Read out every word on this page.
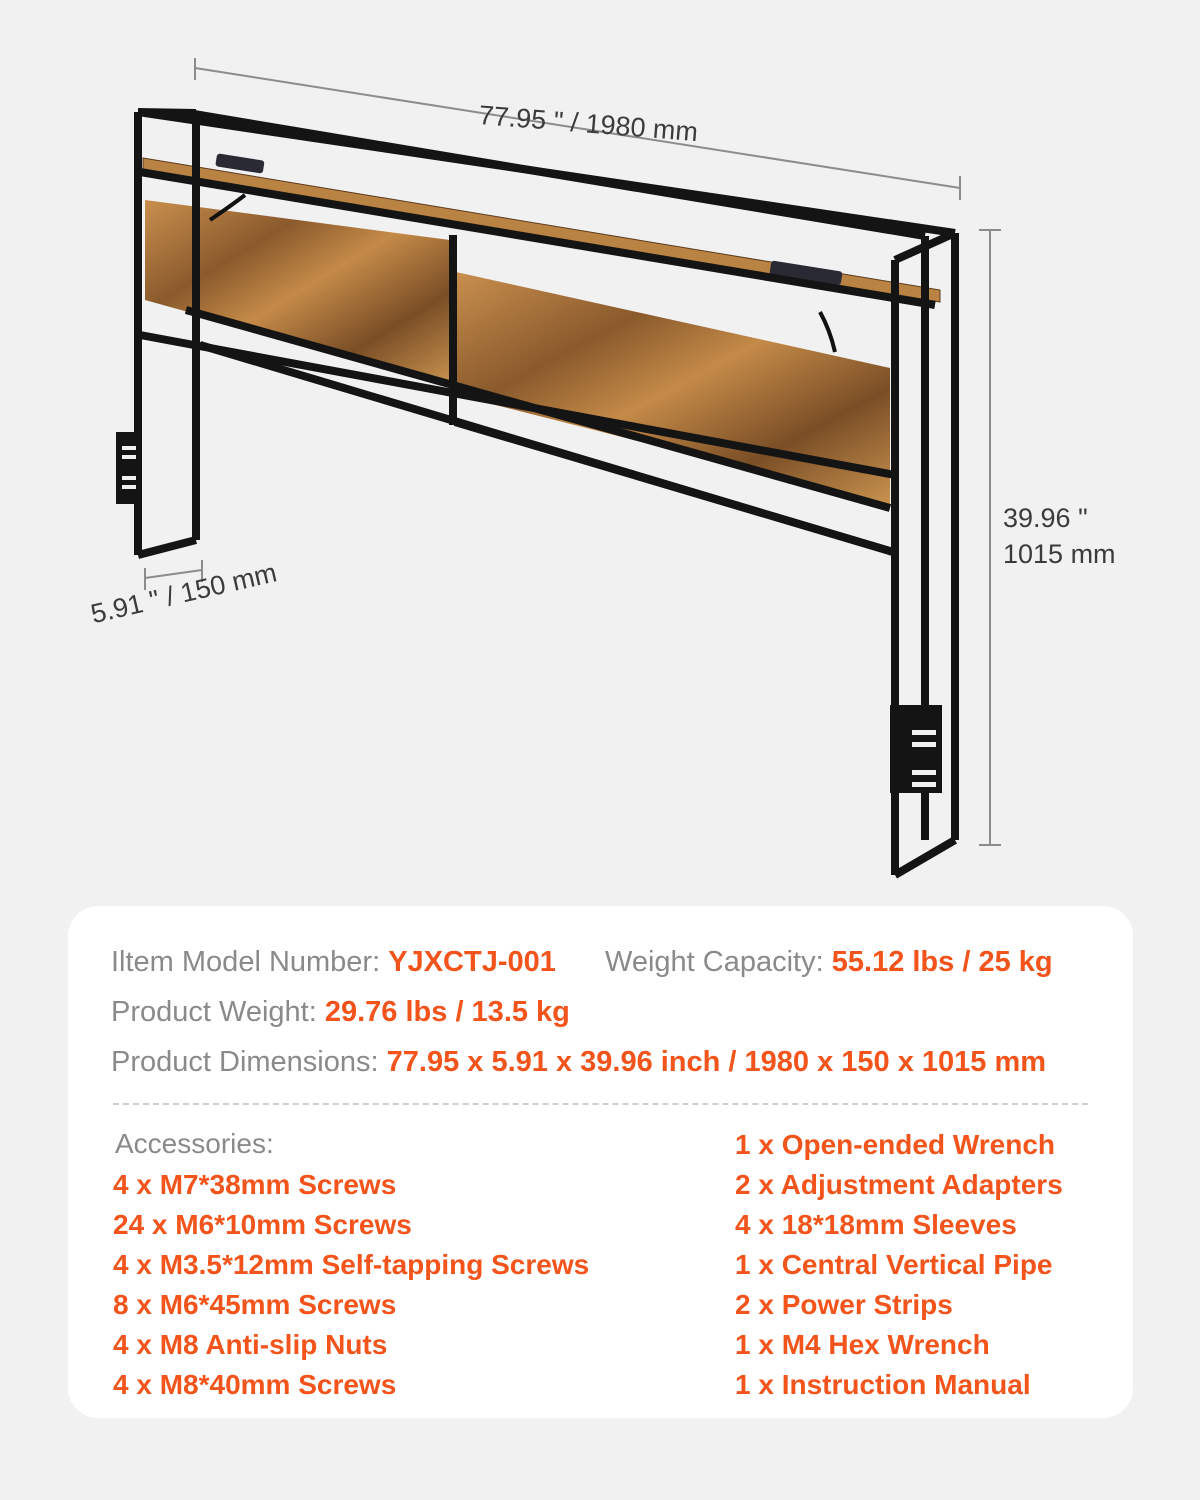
77.95 " / 1980 mm
5.91 " / 150 mm
39.96 "
1015 mm
Iltem Model Number: YJXCTJ-001 Weight Capacity: 55.12 lbs / 25 kg
Product Weight: 29.76 lbs / 13.5 kg
Product Dimensions: 77.95 x 5.91 x 39.96 inch / 1980 x 150 x 1015 mm
Accessories:
4 x M7*38mm Screws
24 x M6*10mm Screws
4 x M3.5*12mm Self-tapping Screws
8 x M6*45mm Screws
4 x M8 Anti-slip Nuts
4 x M8*40mm Screws
1 x Open-ended Wrench
2 x Adjustment Adapters
4 x 18*18mm Sleeves
1 x Central Vertical Pipe
2 x Power Strips
1 x M4 Hex Wrench
1 x Instruction Manual
